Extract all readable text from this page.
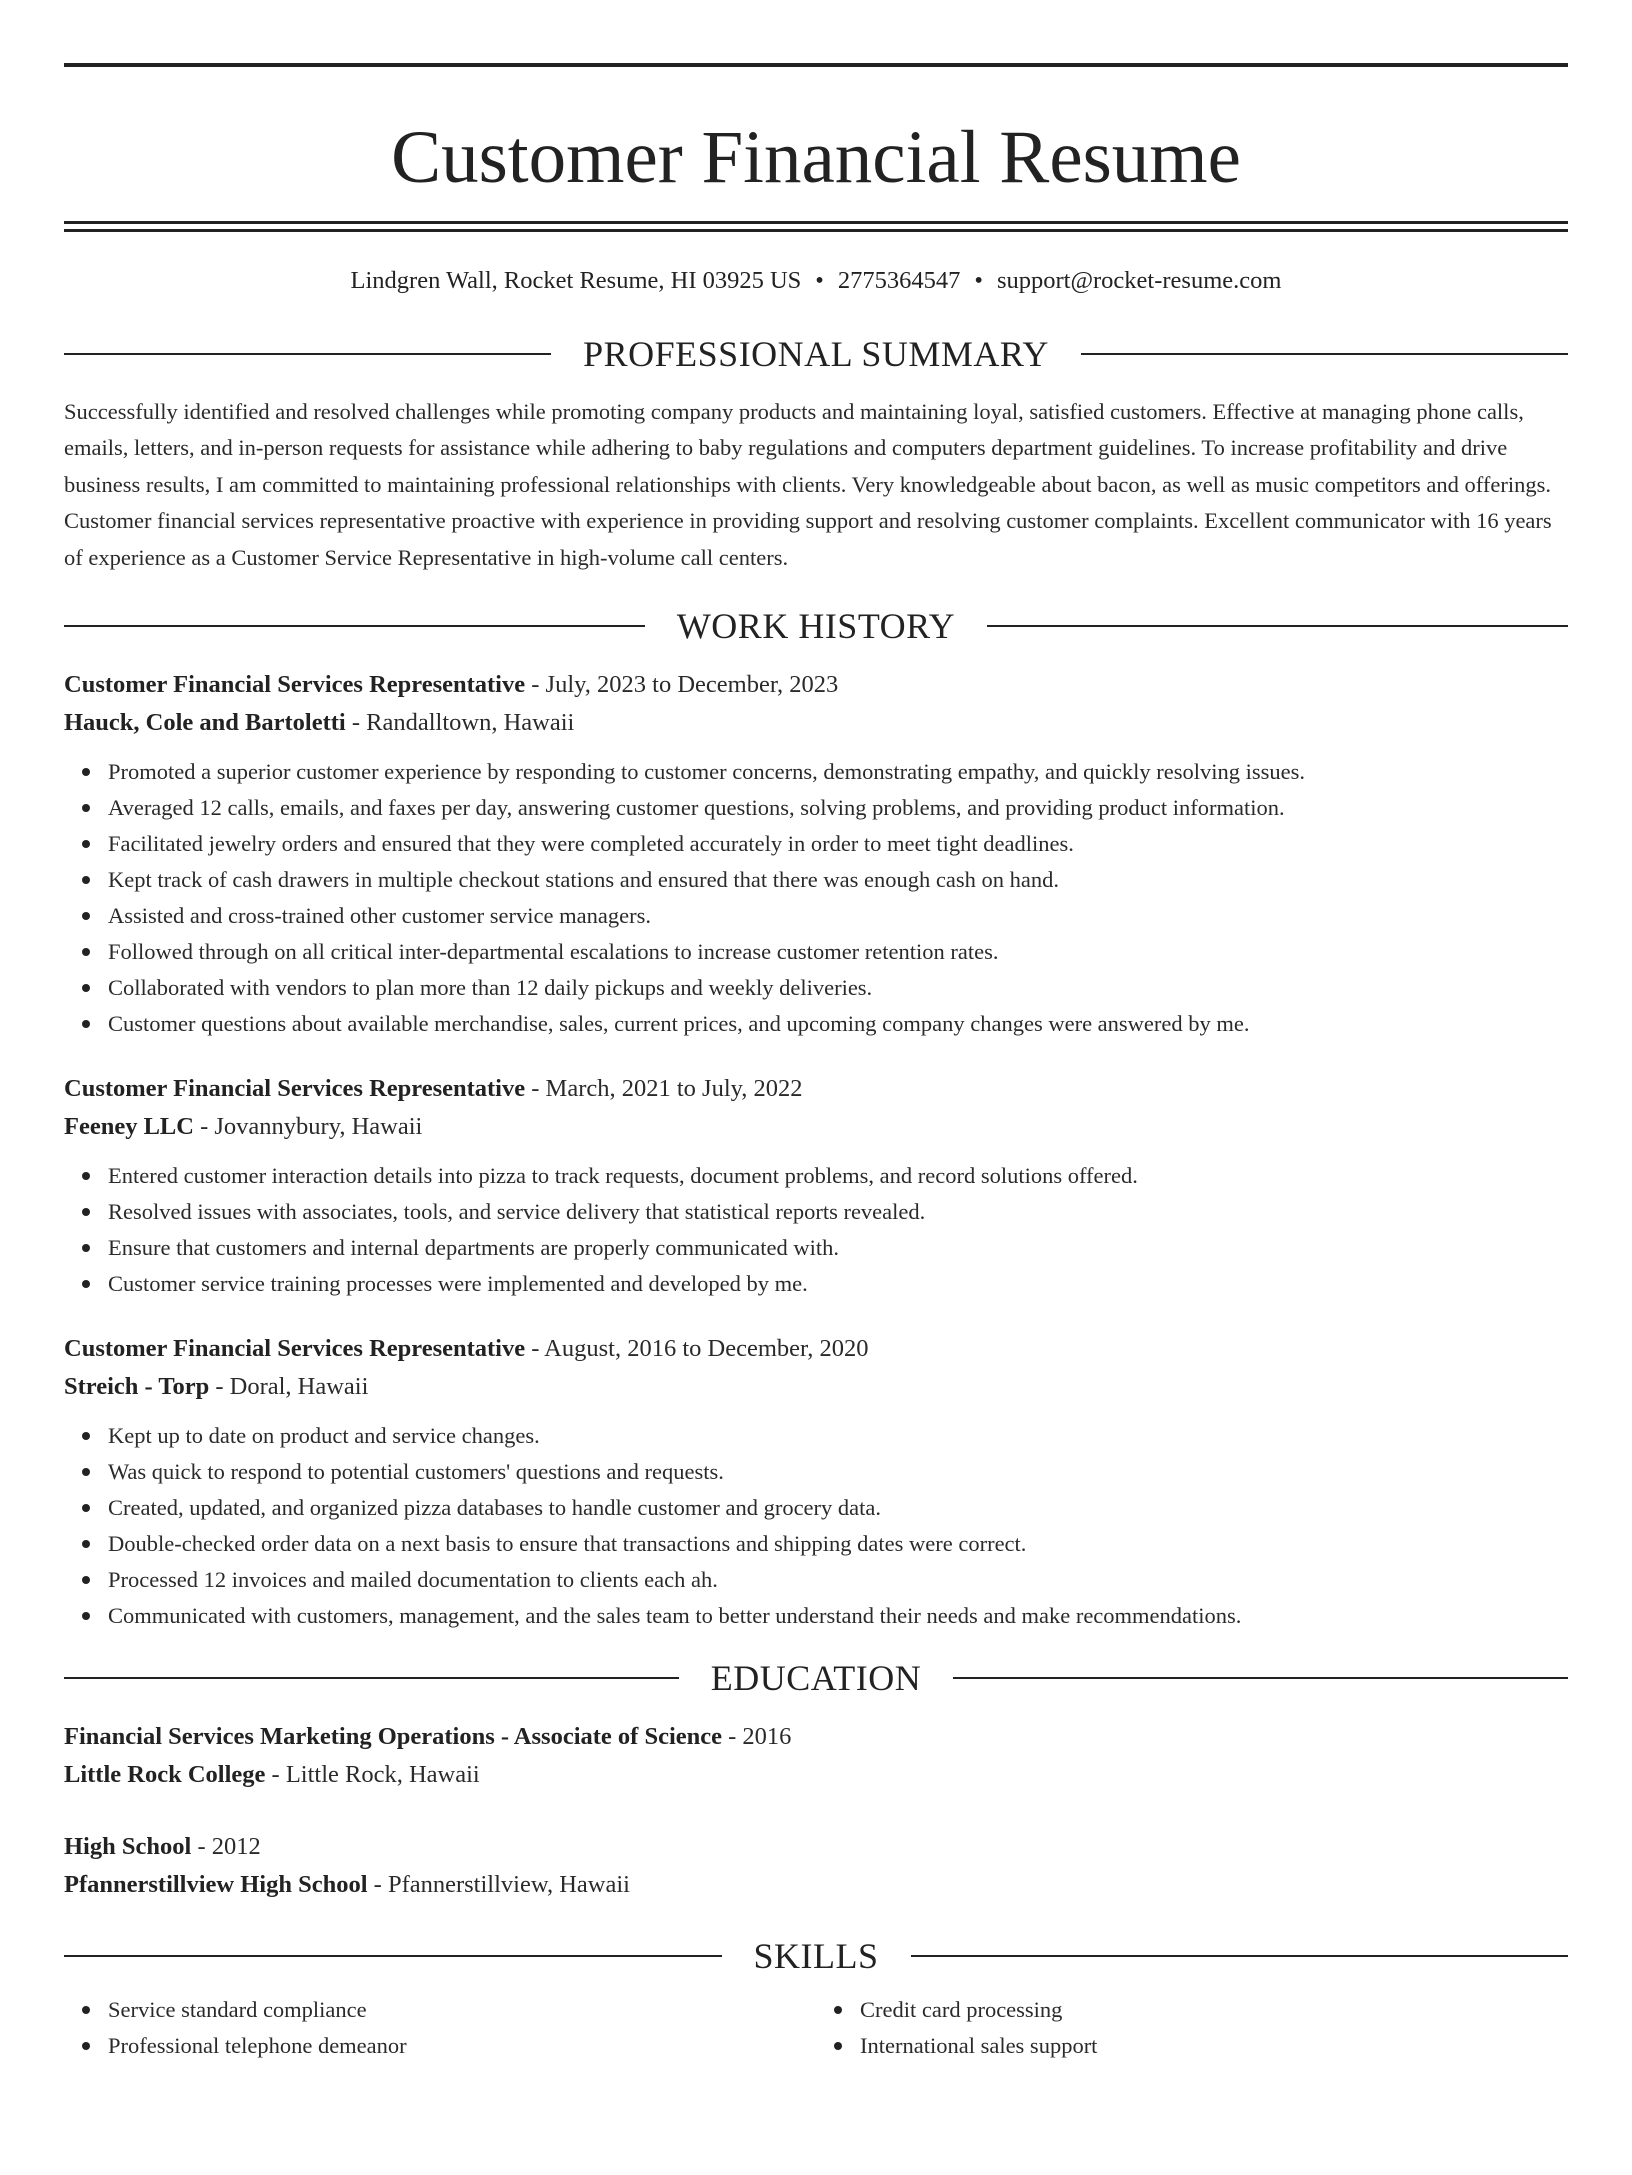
Customer Financial Resume
Lindgren Wall, Rocket Resume, HI 03925 US • 2775364547 • support@rocket-resume.com
PROFESSIONAL SUMMARY
Successfully identified and resolved challenges while promoting company products and maintaining loyal, satisfied customers. Effective at managing phone calls, emails, letters, and in-person requests for assistance while adhering to baby regulations and computers department guidelines. To increase profitability and drive business results, I am committed to maintaining professional relationships with clients. Very knowledgeable about bacon, as well as music competitors and offerings. Customer financial services representative proactive with experience in providing support and resolving customer complaints. Excellent communicator with 16 years of experience as a Customer Service Representative in high-volume call centers.
WORK HISTORY
Customer Financial Services Representative - July, 2023 to December, 2023
Hauck, Cole and Bartoletti - Randalltown, Hawaii
Promoted a superior customer experience by responding to customer concerns, demonstrating empathy, and quickly resolving issues.
Averaged 12 calls, emails, and faxes per day, answering customer questions, solving problems, and providing product information.
Facilitated jewelry orders and ensured that they were completed accurately in order to meet tight deadlines.
Kept track of cash drawers in multiple checkout stations and ensured that there was enough cash on hand.
Assisted and cross-trained other customer service managers.
Followed through on all critical inter-departmental escalations to increase customer retention rates.
Collaborated with vendors to plan more than 12 daily pickups and weekly deliveries.
Customer questions about available merchandise, sales, current prices, and upcoming company changes were answered by me.
Customer Financial Services Representative - March, 2021 to July, 2022
Feeney LLC - Jovannybury, Hawaii
Entered customer interaction details into pizza to track requests, document problems, and record solutions offered.
Resolved issues with associates, tools, and service delivery that statistical reports revealed.
Ensure that customers and internal departments are properly communicated with.
Customer service training processes were implemented and developed by me.
Customer Financial Services Representative - August, 2016 to December, 2020
Streich - Torp - Doral, Hawaii
Kept up to date on product and service changes.
Was quick to respond to potential customers' questions and requests.
Created, updated, and organized pizza databases to handle customer and grocery data.
Double-checked order data on a next basis to ensure that transactions and shipping dates were correct.
Processed 12 invoices and mailed documentation to clients each ah.
Communicated with customers, management, and the sales team to better understand their needs and make recommendations.
EDUCATION
Financial Services Marketing Operations - Associate of Science - 2016
Little Rock College - Little Rock, Hawaii
High School - 2012
Pfannerstillview High School - Pfannerstillview, Hawaii
SKILLS
Service standard compliance
Professional telephone demeanor
Credit card processing
International sales support
